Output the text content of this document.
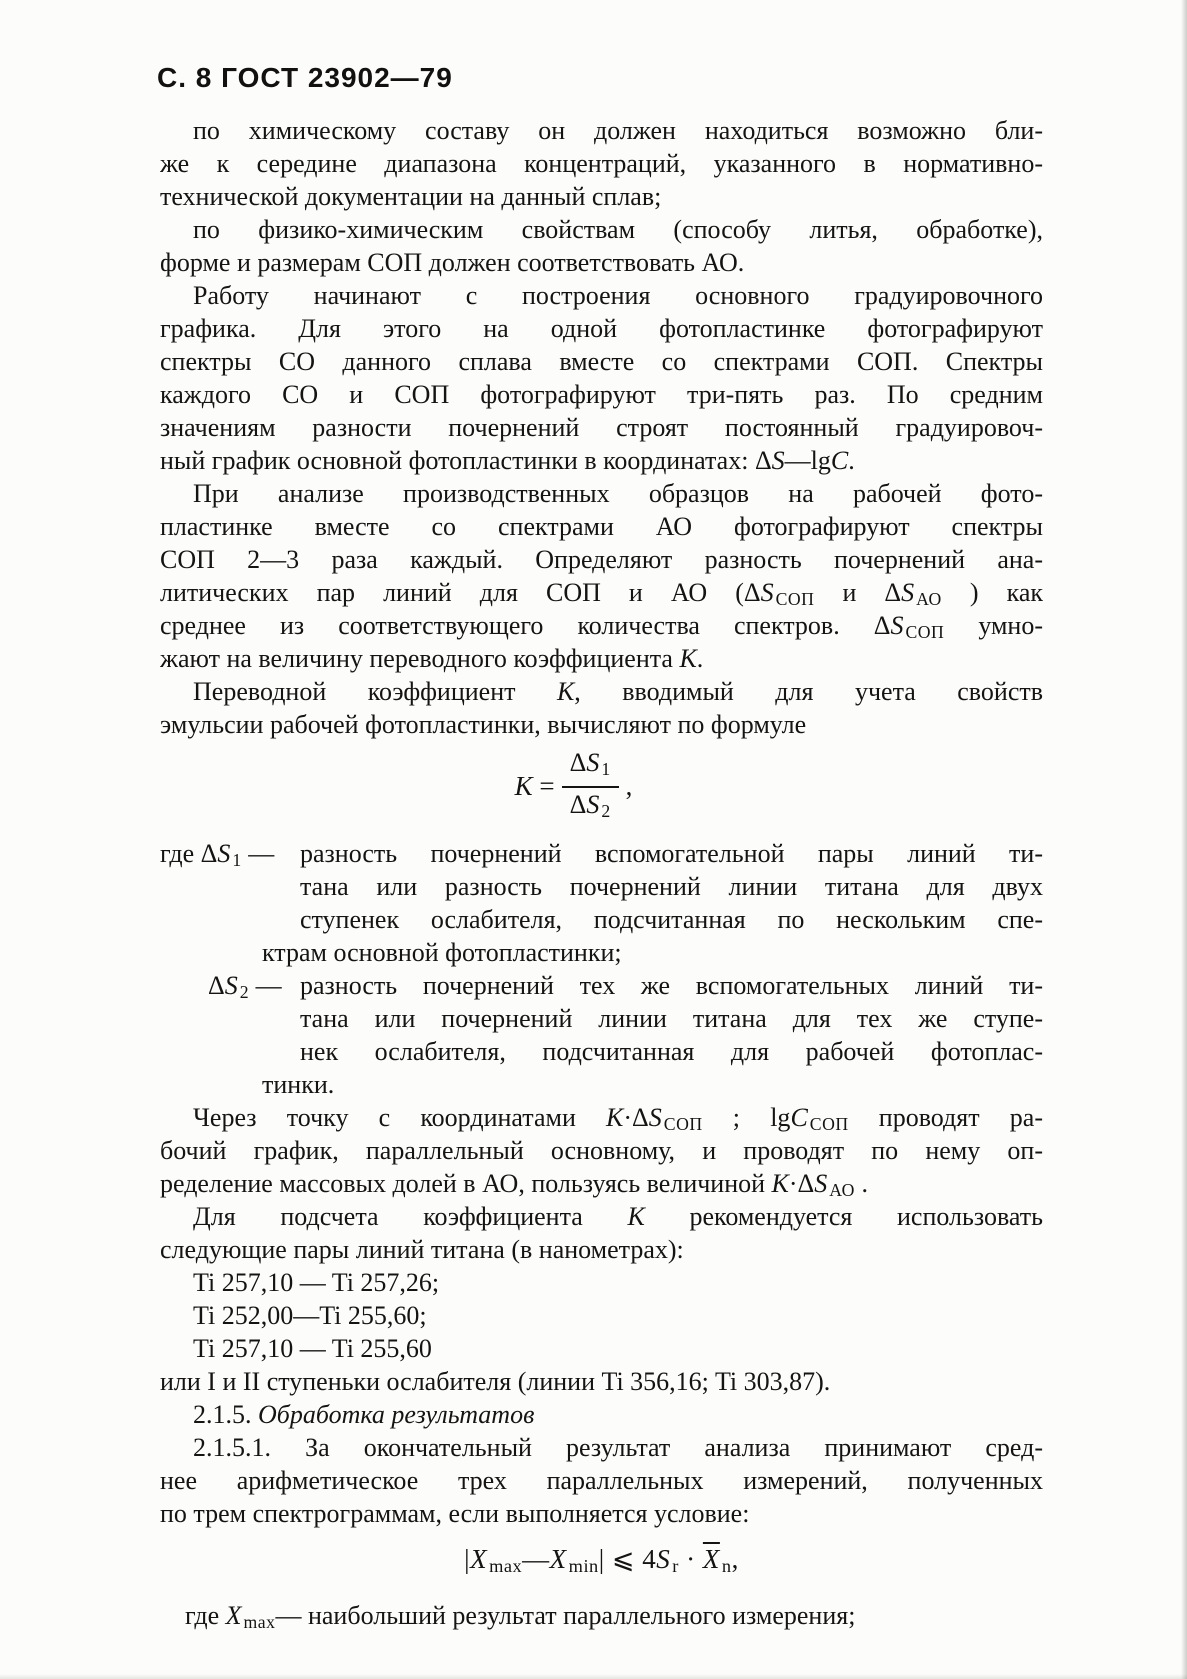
С. 8 ГОСТ 23902—79
по химическому составу он должен находиться возможно бли-
же к середине диапазона концентраций, указанного в нормативно-
технической документации на данный сплав;
по физико-химическим свойствам (способу литья, обработке),
форме и размерам СОП должен соответствовать АО.
Работу начинают с построения основного градуировочного
графика. Для этого на одной фотопластинке фотографируют
спектры СО данного сплава вместе со спектрами СОП. Спектры
каждого СО и СОП фотографируют три-пять раз. По средним
значениям разности почернений строят постоянный градуировоч-
ный график основной фотопластинки в координатах: ΔS—lgC.
При анализе производственных образцов на рабочей фото-
пластинке вместе со спектрами АО фотографируют спектры
СОП 2—3 раза каждый. Определяют разность почернений ана-
литических пар линий для СОП и АО (ΔS $_{СОП}$ и ΔS $_{АО}$ ) как
среднее из соответствующего количества спектров. ΔS $_{СОП}$ умно-
жают на величину переводного коэффициента К.
Переводной коэффициент К, вводимый для учета свойств
эмульсии рабочей фотопластинки, вычисляют по формуле
$K = \frac{\Delta S _1}{\Delta S _2}$ ,
где ΔS $_1$ — разность почернений вспомогательной пары линий ти-
тана или разность почернений линии титана для двух
ступенек ослабителя, подсчитанная по нескольким спе-
ктрам основной фотопластинки;
ΔS $_2$ — разность почернений тех же вспомогательных линий ти-
тана или почернений линии титана для тех же ступе-
нек ослабителя, подсчитанная для рабочей фотоплас-
тинки.
Через точку с координатами K·ΔS $_{СОП}$ ; lgC $_{СОП}$ проводят ра-
бочий график, параллельный основному, и проводят по нему оп-
ределение массовых долей в АО, пользуясь величиной K·ΔS $_{АО}$ .
Для подсчета коэффициента K рекомендуется использовать
следующие пары линий титана (в нанометрах):
Ti 257,10 — Ti 257,26;
Ti 252,00—Ti 255,60;
Ti 257,10 — Ti 255,60
или I и II ступеньки ослабителя (линии Ti 356,16; Ti 303,87).
2.1.5. Обработка результатов
2.1.5.1. За окончательный результат анализа принимают сред-
нее арифметическое трех параллельных измерений, полученных
по трем спектрограммам, если выполняется условие:
|X $_{max}$—X $_{min}$| ⩽ 4S $_r \cdot \overline{X}$ $_n$,
где X $_{max}$— наибольший результат параллельного измерения;
